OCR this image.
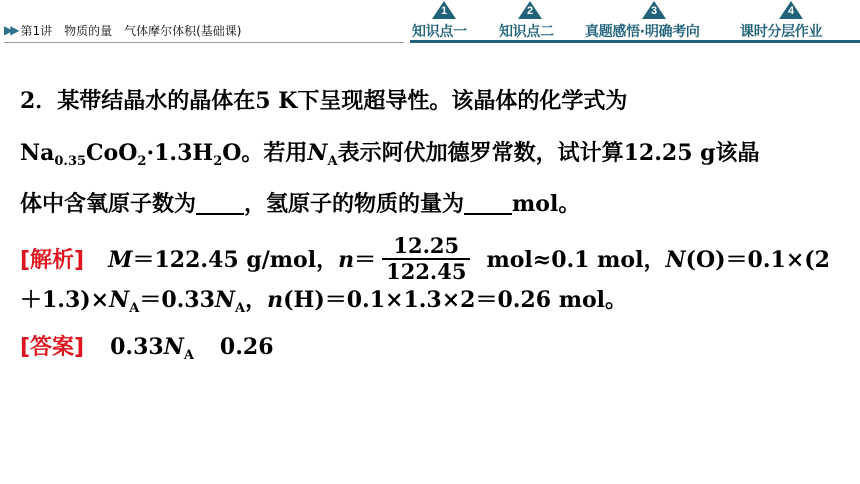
▶▶ 第1讲　物质的量　气体摩尔体积(基础课)
1
知识点一
2
知识点二
3
真题感悟·明确考向
4
课时分层作业
2．某带结晶水的晶体在5 K下呈现超导性。该晶体的化学式为
$Na_{0.35}CoO_2\cdot 1.3H_2O$。若用$N_A$表示阿伏加德罗常数，试计算12.25 g该晶
体中含氧原子数为 ，氢原子的物质的量为 mol。
[解析] M＝122.45 g/mol，$n= \frac{12.25}{122.45} mol\approx 0.1$ mol，N(O)＝0.1×(2
$+1.3)\times N_A=0.33N_A$，n(H)＝0.1×1.3×2＝0.26 mol。
[答案] $0.33N_A$ 0.26
